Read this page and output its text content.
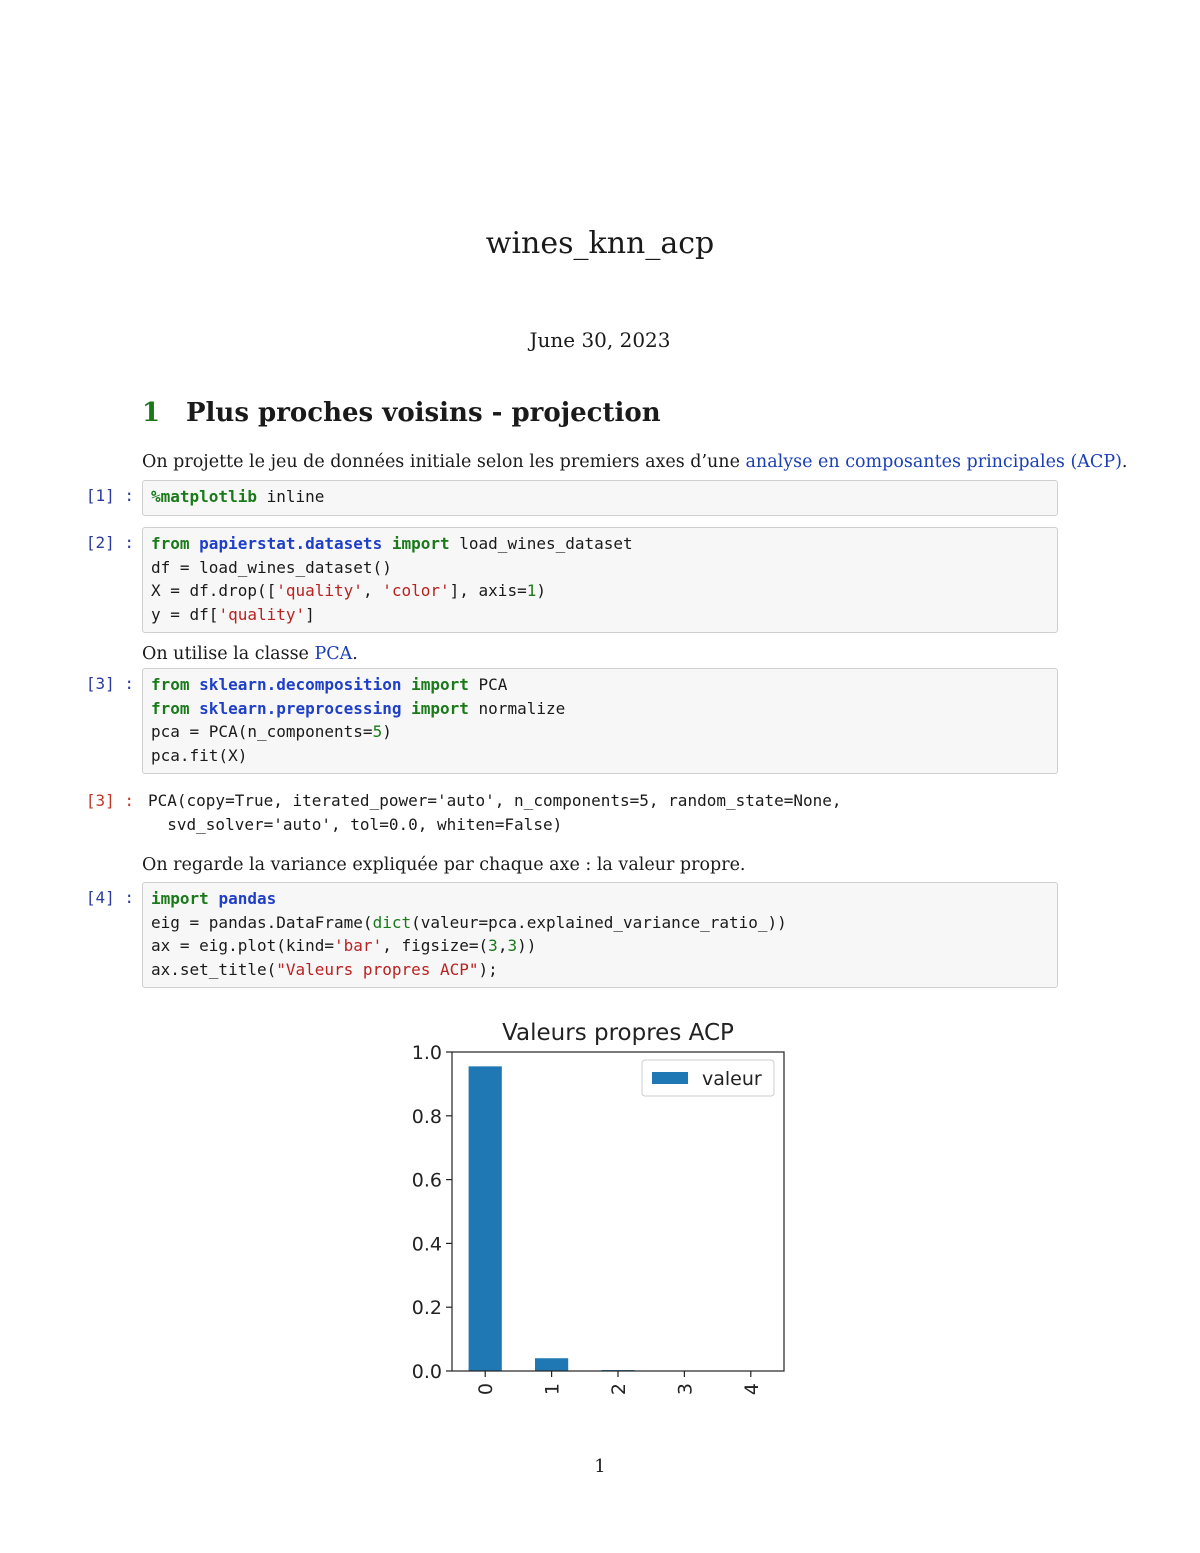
wines_knn_acp
June 30, 2023
1 Plus proches voisins - projection
On projette le jeu de données initiale selon les premiers axes d’une analyse en composantes principales (ACP).
[1] :	%matplotlib inline
[2] :	from papierstat.datasets import load_wines_dataset
df = load_wines_dataset()
X = df.drop(['quality', 'color'], axis=1)
y = df['quality']
On utilise la classe PCA.
[3] :	from sklearn.decomposition import PCA
from sklearn.preprocessing import normalize
pca = PCA(n_components=5)
pca.fit(X)
[3] : PCA(copy=True, iterated_power='auto', n_components=5, random_state=None,
svd_solver='auto', tol=0.0, whiten=False)
On regarde la variance expliquée par chaque axe : la valeur propre.
[4] :	import pandas
eig = pandas.DataFrame(dict(valeur=pca.explained_variance_ratio_))
ax = eig.plot(kind='bar', figsize=(3,3))
ax.set_title("Valeurs propres ACP");
Valeurs propres ACP
0.0
0.2
0.4
0.6
0.8
1.0
0 1 2 3 4
valeur
1
